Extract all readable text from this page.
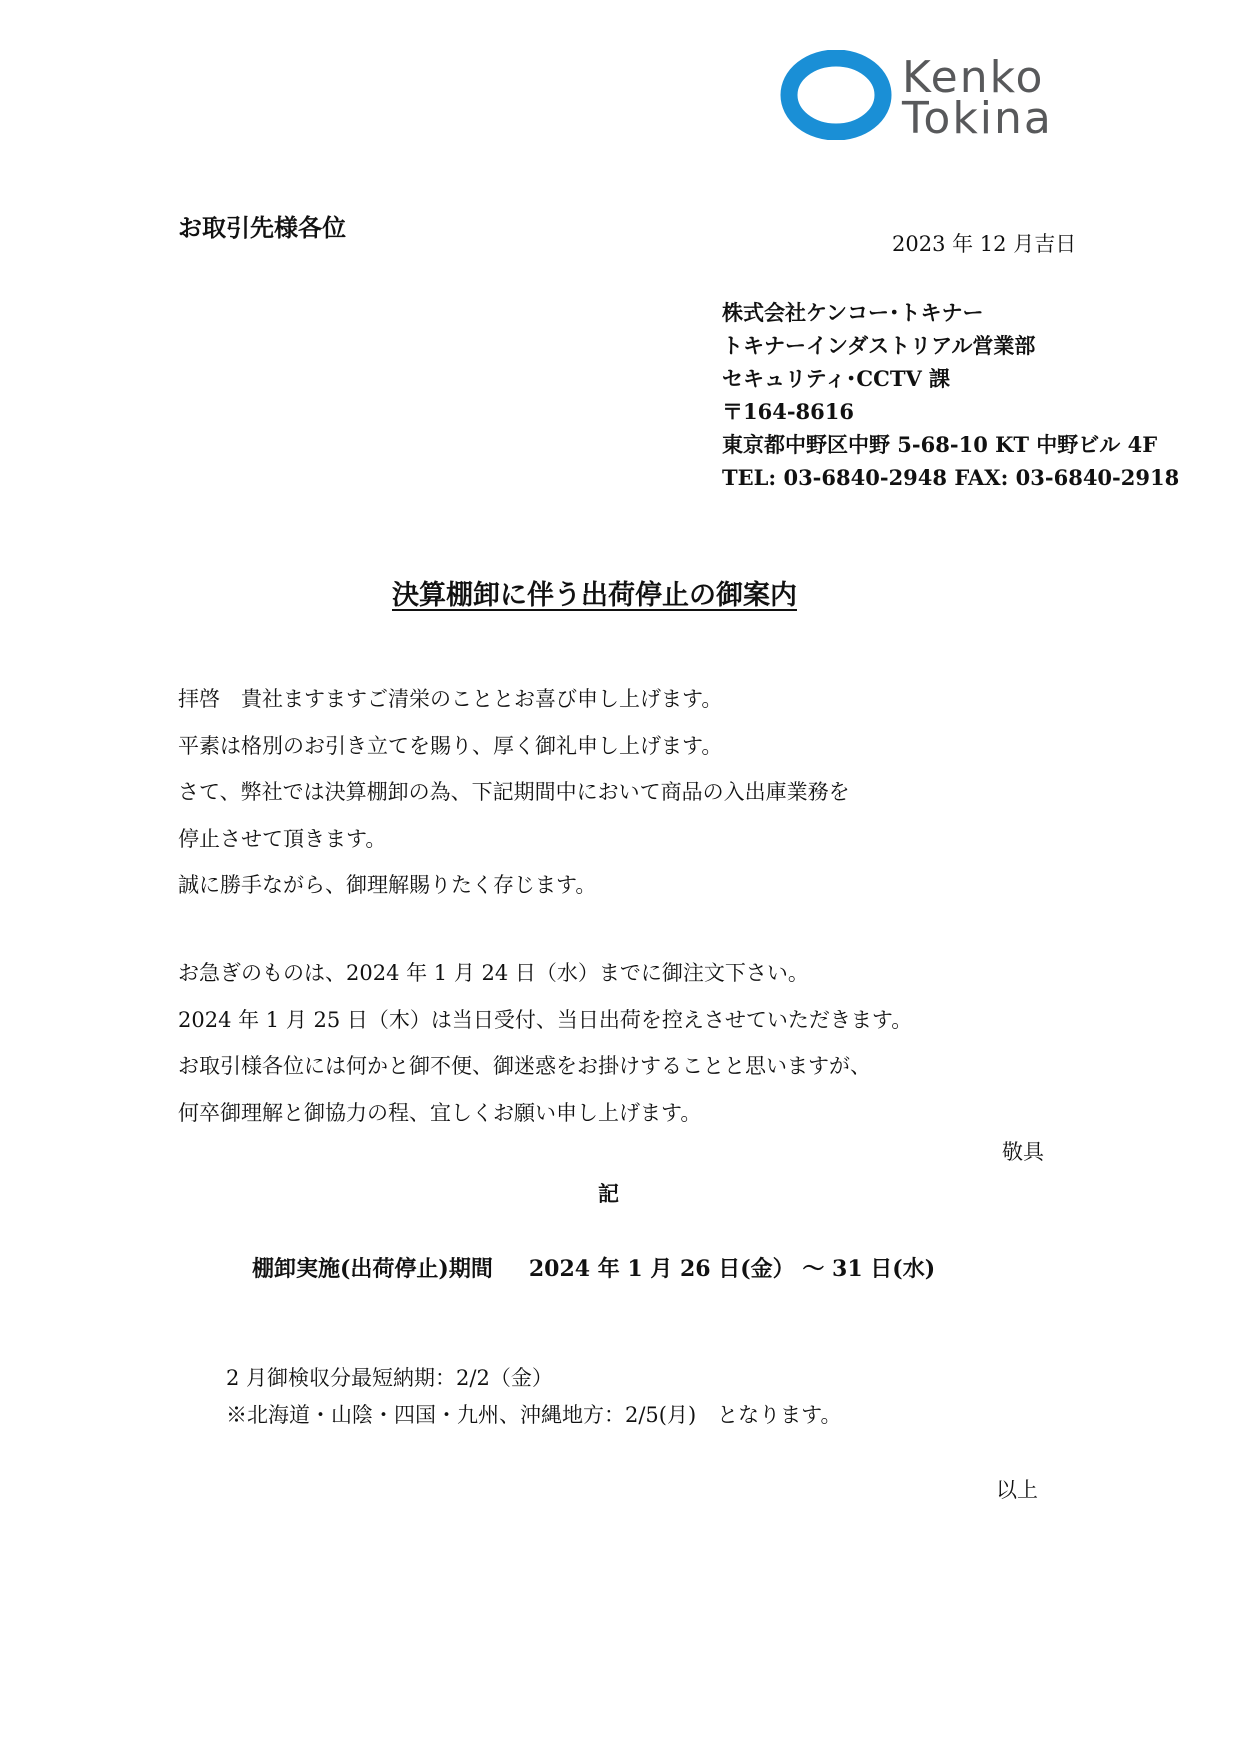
Kenko
Tokina
お取引先様各位
2023 年 12 月吉日
株式会社ケンコー･トキナー
トキナーインダストリアル営業部
セキュリティ･CCTV 課
〒164-8616
東京都中野区中野 5-68-10 KT 中野ビル 4F
TEL: 03-6840-2948 FAX: 03-6840-2918
決算棚卸に伴う出荷停止の御案内
拝啓　貴社ますますご清栄のこととお喜び申し上げます。
平素は格別のお引き立てを賜り、厚く御礼申し上げます。
さて、弊社では決算棚卸の為、下記期間中において商品の入出庫業務を
停止させて頂きます。
誠に勝手ながら、御理解賜りたく存じます。
お急ぎのものは、2024 年 1 月 24 日（水）までに御注文下さい。
2024 年 1 月 25 日（木）は当日受付、当日出荷を控えさせていただきます。
お取引様各位には何かと御不便、御迷惑をお掛けすることと思いますが、
何卒御理解と御協力の程、宜しくお願い申し上げます。
敬具
記
棚卸実施(出荷停止)期間 2024 年 1 月 26 日(金） ～ 31 日(水)
2 月御検収分最短納期：2/2（金）
※北海道・山陰・四国・九州、沖縄地方：2/5(月)　となります。
以上
